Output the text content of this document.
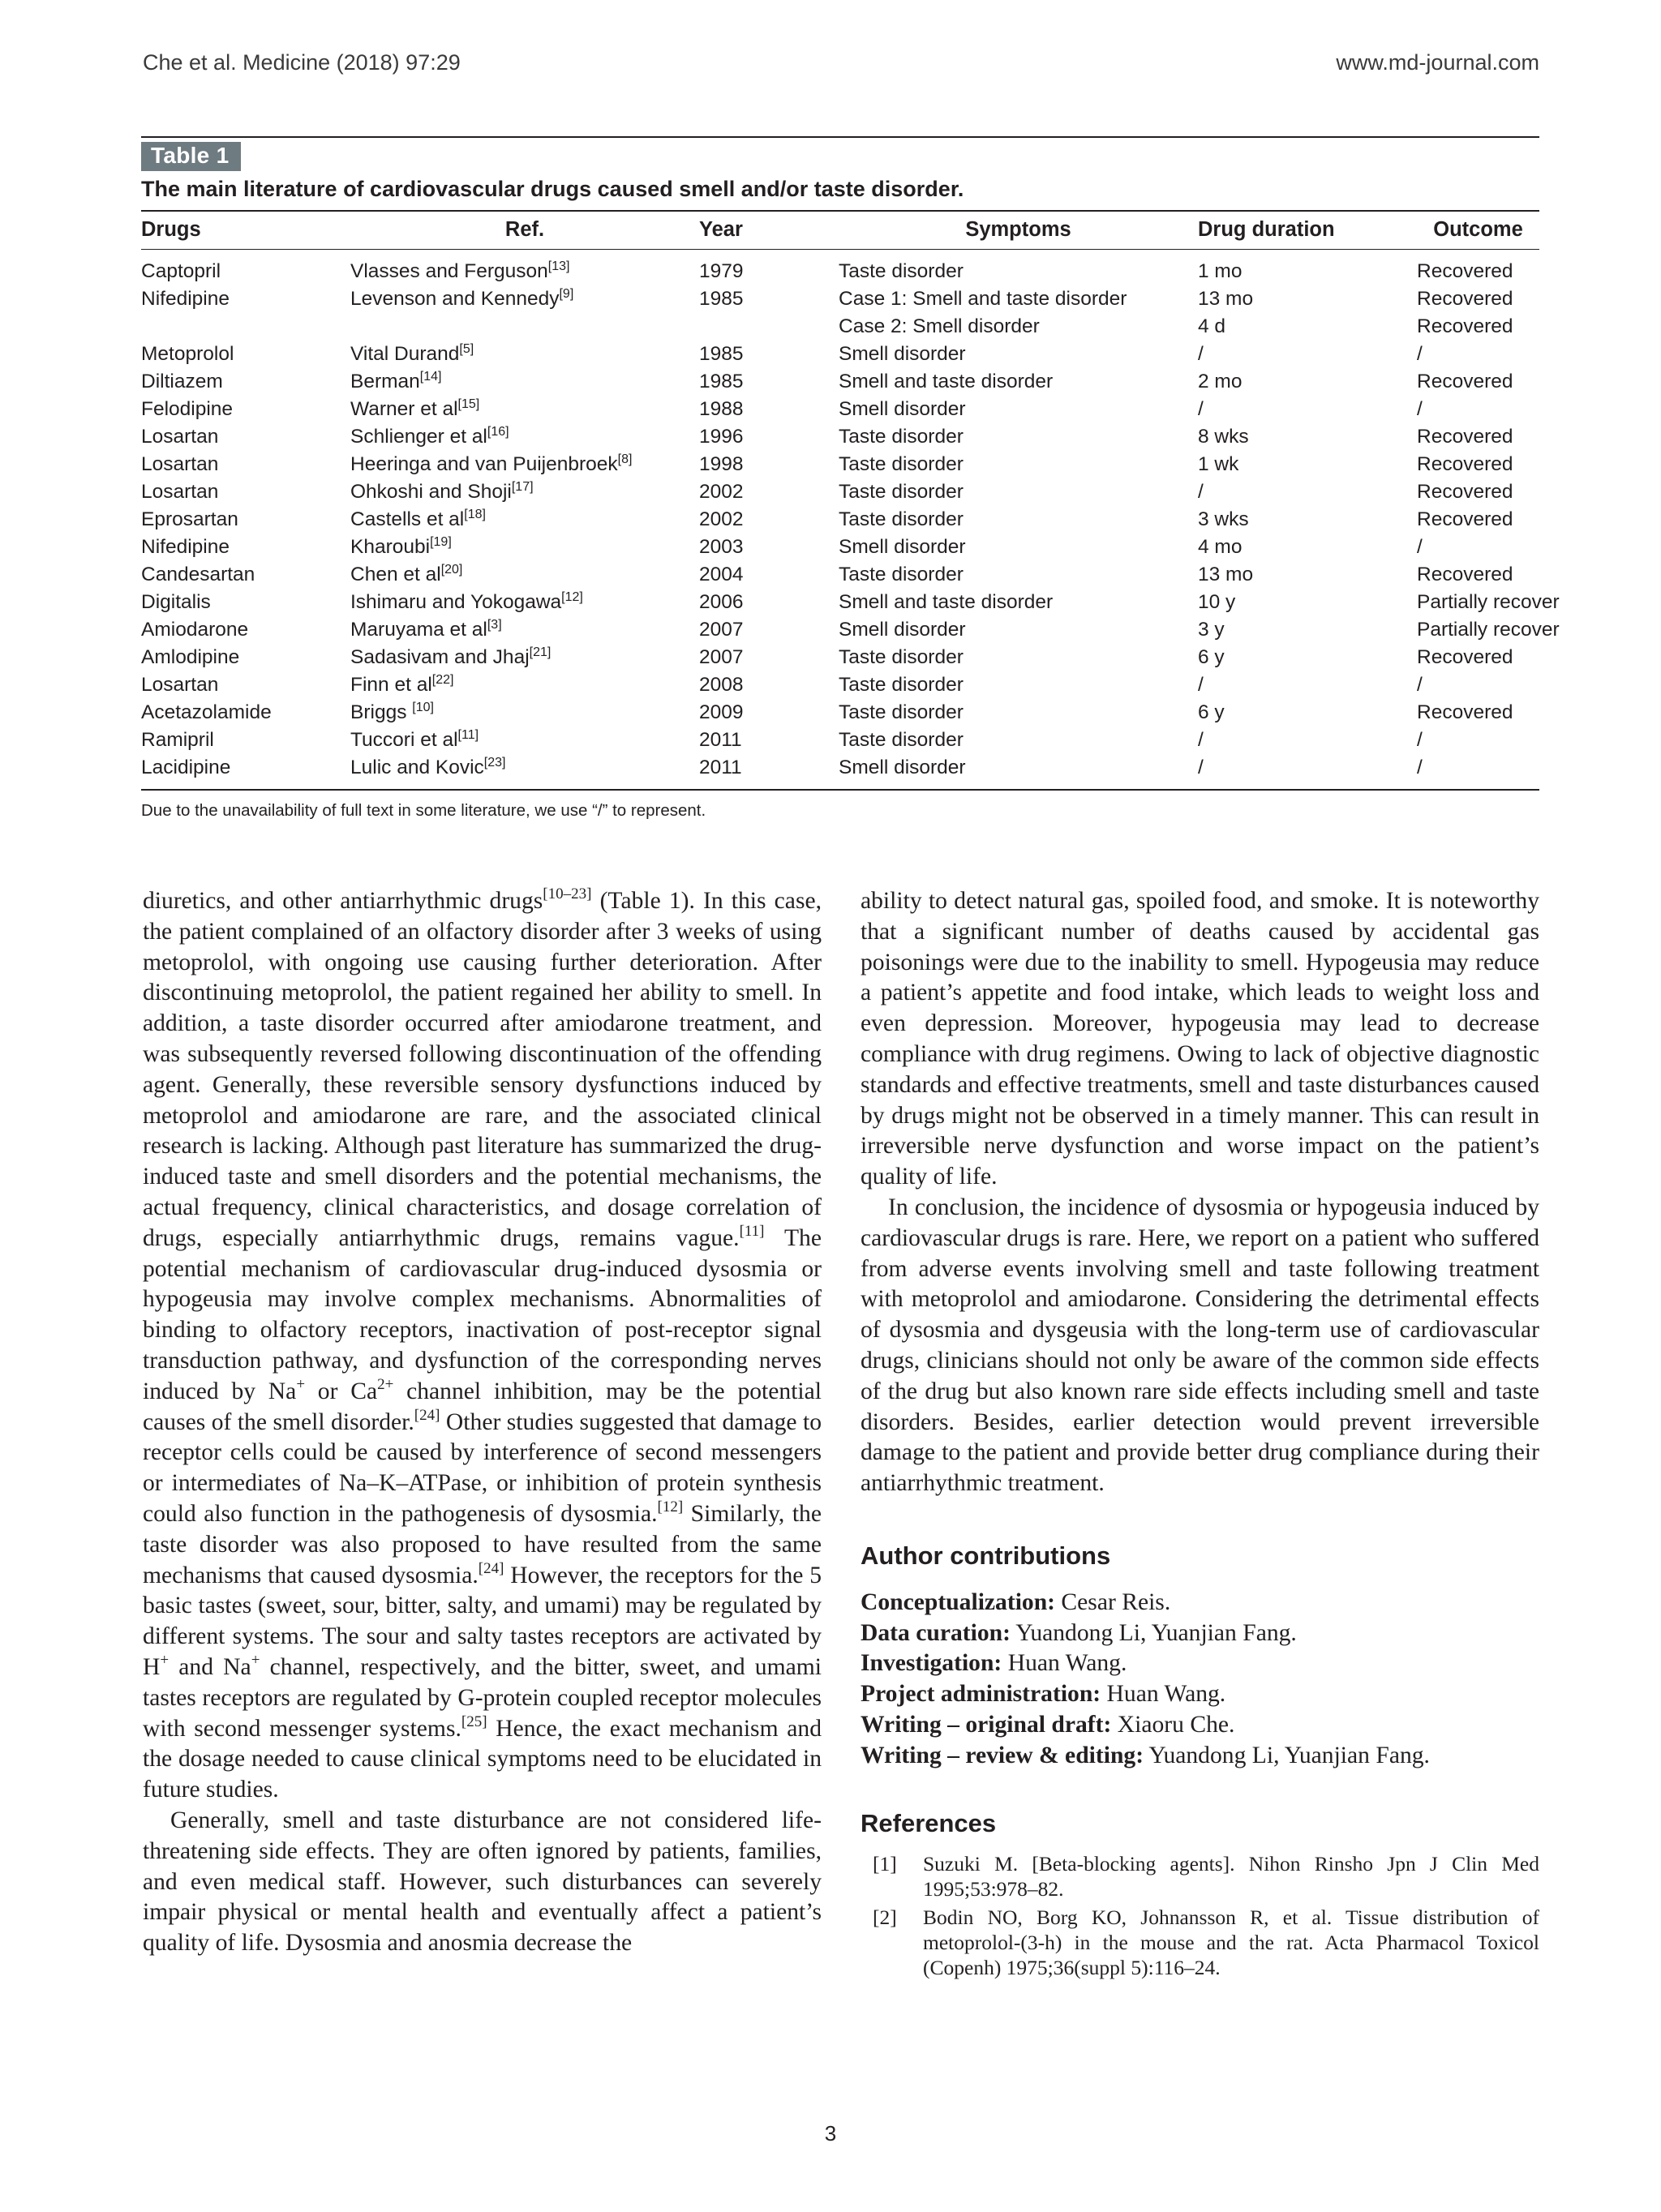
Che et al. Medicine (2018) 97:29	www.md-journal.com
Table 1
The main literature of cardiovascular drugs caused smell and/or taste disorder.
Drugs	Ref.	Year	Symptoms	Drug duration	Outcome
Captopril	Vlasses and Ferguson[13]	1979	Taste disorder	1 mo	Recovered
Nifedipine	Levenson and Kennedy[9]	1985	Case 1: Smell and taste disorder	13 mo	Recovered
			Case 2: Smell disorder	4 d	Recovered
Metoprolol	Vital Durand[5]	1985	Smell disorder	/	/
Diltiazem	Berman[14]	1985	Smell and taste disorder	2 mo	Recovered
Felodipine	Warner et al[15]	1988	Smell disorder	/	/
Losartan	Schlienger et al[16]	1996	Taste disorder	8 wks	Recovered
Losartan	Heeringa and van Puijenbroek[8]	1998	Taste disorder	1 wk	Recovered
Losartan	Ohkoshi and Shoji[17]	2002	Taste disorder	/	Recovered
Eprosartan	Castells et al[18]	2002	Taste disorder	3 wks	Recovered
Nifedipine	Kharoubi[19]	2003	Smell disorder	4 mo	/
Candesartan	Chen et al[20]	2004	Taste disorder	13 mo	Recovered
Digitalis	Ishimaru and Yokogawa[12]	2006	Smell and taste disorder	10 y	Partially recover
Amiodarone	Maruyama et al[3]	2007	Smell disorder	3 y	Partially recover
Amlodipine	Sadasivam and Jhaj[21]	2007	Taste disorder	6 y	Recovered
Losartan	Finn et al[22]	2008	Taste disorder	/	/
Acetazolamide	Briggs [10]	2009	Taste disorder	6 y	Recovered
Ramipril	Tuccori et al[11]	2011	Taste disorder	/	/
Lacidipine	Lulic and Kovic[23]	2011	Smell disorder	/	/
Due to the unavailability of full text in some literature, we use “/” to represent.

diuretics, and other antiarrhythmic drugs[10–23] (Table 1). In this case, the patient complained of an olfactory disorder after 3 weeks of using metoprolol, with ongoing use causing further deterioration. After discontinuing metoprolol, the patient regained her ability to smell. In addition, a taste disorder occurred after amiodarone treatment, and was subsequently reversed following discontinuation of the offending agent. Generally, these reversible sensory dysfunctions induced by metoprolol and amiodarone are rare, and the associated clinical research is lacking. Although past literature has summarized the drug-induced taste and smell disorders and the potential mechanisms, the actual frequency, clinical characteristics, and dosage correlation of drugs, especially antiarrhythmic drugs, remains vague.[11] The potential mechanism of cardiovascular drug-induced dysosmia or hypogeusia may involve complex mechanisms. Abnormalities of binding to olfactory receptors, inactivation of post-receptor signal transduction pathway, and dysfunction of the corresponding nerves induced by Na+ or $Ca^{2+}$ channel inhibition, may be the potential causes of the smell disorder.[24] Other studies suggested that damage to receptor cells could be caused by interference of second messengers or intermediates of Na–K–ATPase, or inhibition of protein synthesis could also function in the pathogenesis of dysosmia.[12] Similarly, the taste disorder was also proposed to have resulted from the same mechanisms that caused dysosmia.[24] However, the receptors for the 5 basic tastes (sweet, sour, bitter, salty, and umami) may be regulated by different systems. The sour and salty tastes receptors are activated by H+ and Na+ channel, respectively, and the bitter, sweet, and umami tastes receptors are regulated by G-protein coupled receptor molecules with second messenger systems.[25] Hence, the exact mechanism and the dosage needed to cause clinical symptoms need to be elucidated in future studies.

Generally, smell and taste disturbance are not considered life-threatening side effects. They are often ignored by patients, families, and even medical staff. However, such disturbances can severely impair physical or mental health and eventually affect a patient’s quality of life. Dysosmia and anosmia decrease the

ability to detect natural gas, spoiled food, and smoke. It is noteworthy that a significant number of deaths caused by accidental gas poisonings were due to the inability to smell. Hypogeusia may reduce a patient’s appetite and food intake, which leads to weight loss and even depression. Moreover, hypogeusia may lead to decrease compliance with drug regimens. Owing to lack of objective diagnostic standards and effective treatments, smell and taste disturbances caused by drugs might not be observed in a timely manner. This can result in irreversible nerve dysfunction and worse impact on the patient’s quality of life.

In conclusion, the incidence of dysosmia or hypogeusia induced by cardiovascular drugs is rare. Here, we report on a patient who suffered from adverse events involving smell and taste following treatment with metoprolol and amiodarone. Considering the detrimental effects of dysosmia and dysgeusia with the long-term use of cardiovascular drugs, clinicians should not only be aware of the common side effects of the drug but also known rare side effects including smell and taste disorders. Besides, earlier detection would prevent irreversible damage to the patient and provide better drug compliance during their antiarrhythmic treatment.

Author contributions
Conceptualization: Cesar Reis.
Data curation: Yuandong Li, Yuanjian Fang.
Investigation: Huan Wang.
Project administration: Huan Wang.
Writing – original draft: Xiaoru Che.
Writing – review & editing: Yuandong Li, Yuanjian Fang.
References
[1] Suzuki M. [Beta-blocking agents]. Nihon Rinsho Jpn J Clin Med 1995;53:978–82.
[2] Bodin NO, Borg KO, Johnansson R, et al. Tissue distribution of metoprolol-(3-h) in the mouse and the rat. Acta Pharmacol Toxicol (Copenh) 1975;36(suppl 5):116–24.
3
